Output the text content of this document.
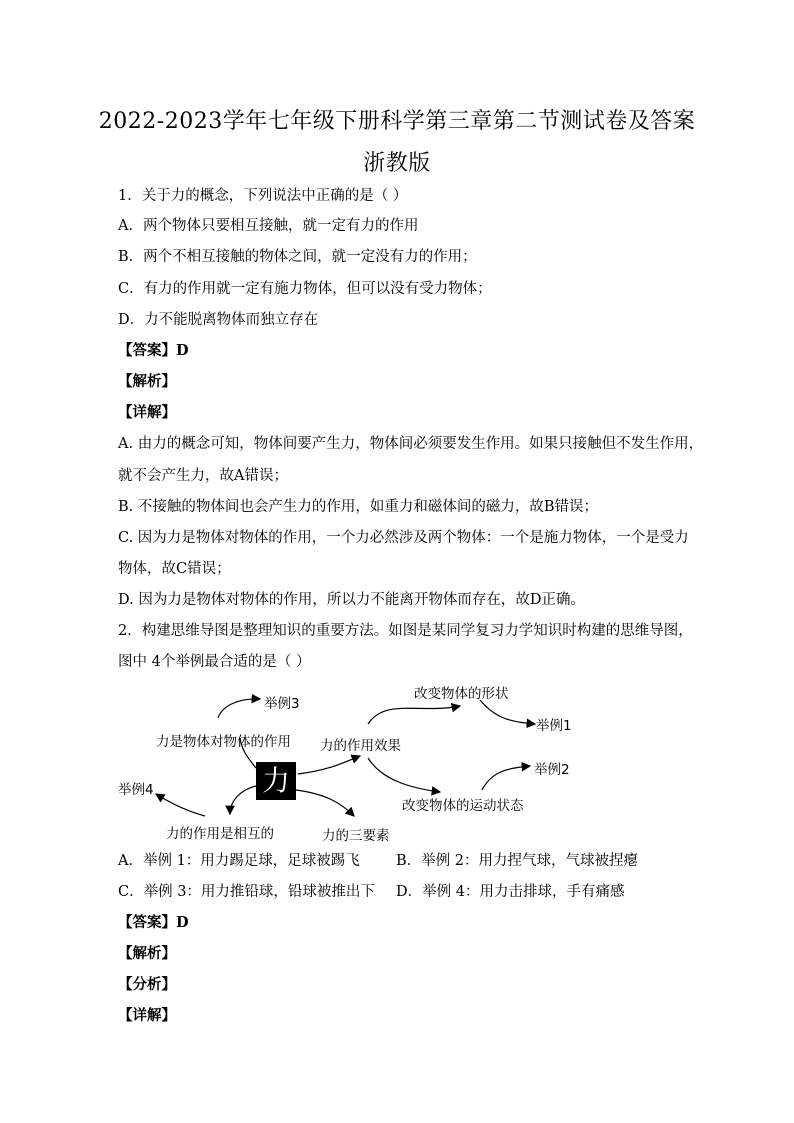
2022-2023学年七年级下册科学第三章第二节测试卷及答案
浙教版
1．关于力的概念，下列说法中正确的是（ ）
A．两个物体只要相互接触，就一定有力的作用
B．两个不相互接触的物体之间，就一定没有力的作用；
C．有力的作用就一定有施力物体，但可以没有受力物体；
D．力不能脱离物体而独立存在
【答案】D
【解析】
【详解】
A. 由力的概念可知，物体间要产生力，物体间必须要发生作用。如果只接触但不发生作用，
就不会产生力，故A错误；
B. 不接触的物体间也会产生力的作用，如重力和磁体间的磁力，故B错误；
C. 因为力是物体对物体的作用，一个力必然涉及两个物体：一个是施力物体，一个是受力
物体，故C错误；
D. 因为力是物体对物体的作用，所以力不能离开物体而存在，故D正确。
2．构建思维导图是整理知识的重要方法。如图是某同学复习力学知识时构建的思维导图，
图中 4个举例最合适的是（ ）
举例3
力是物体对物体的作用 力的作用效果
改变物体的形状
举例1
举例2
力
举例4
改变物体的运动状态
力的作用是相互的	力的三要素
A．举例 1：用力踢足球，足球被踢飞 B．举例 2：用力捏气球，气球被捏瘪
C．举例 3：用力推铅球，铅球被推出下 D．举例 4：用力击排球，手有痛感
【答案】D
【解析】
【分析】
【详解】
